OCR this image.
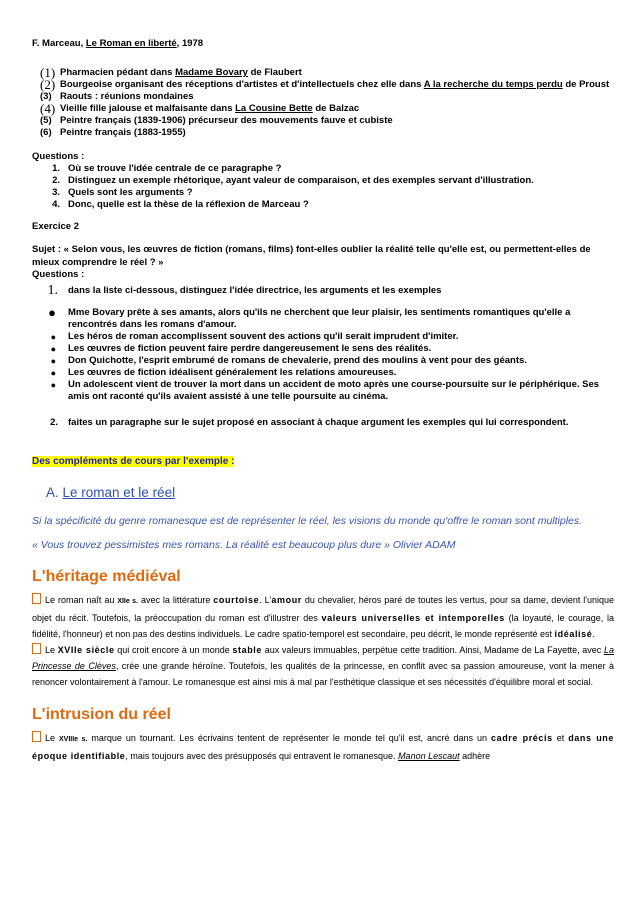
F. Marceau, Le Roman en liberté, 1978
(1) Pharmacien pédant dans Madame Bovary de Flaubert
(2) Bourgeoise organisant des réceptions d'artistes et d'intellectuels chez elle dans A la recherche du temps perdu de Proust
(3) Raouts : réunions mondaines
(4) Vieille fille jalouse et malfaisante dans La Cousine Bette de Balzac
(5) Peintre français (1839-1906) précurseur des mouvements fauve et cubiste
(6) Peintre français (1883-1955)
Questions :
1. Où se trouve l'idée centrale de ce paragraphe ?
2. Distinguez un exemple rhétorique, ayant valeur de comparaison, et des exemples servant d'illustration.
3. Quels sont les arguments ?
4. Donc, quelle est la thèse de la réflexion de Marceau ?
Exercice 2
Sujet : « Selon vous, les œuvres de fiction (romans, films) font-elles oublier la réalité telle qu'elle est, ou permettent-elles de mieux comprendre le réel ? »
Questions :
1.	dans la liste ci-dessous, distinguez l'idée directrice, les arguments et les exemples
●	Mme Bovary prête à ses amants, alors qu'ils ne cherchent que leur plaisir, les sentiments romantiques qu'elle a rencontrés dans les romans d'amour.
●	Les héros de roman accomplissent souvent des actions qu'il serait imprudent d'imiter.
●	Les œuvres de fiction peuvent faire perdre dangereusement le sens des réalités.
●	Don Quichotte, l'esprit embrumé de romans de chevalerie, prend des moulins à vent pour des géants.
●	Les œuvres de fiction idéalisent généralement les relations amoureuses.
●	Un adolescent vient de trouver la mort dans un accident de moto après une course-poursuite sur le périphérique. Ses amis ont raconté qu'ils avaient assisté à une telle poursuite au cinéma.
2.	faites un paragraphe sur le sujet proposé en associant à chaque argument les exemples qui lui correspondent.
Des compléments de cours par l'exemple :
A. Le roman et le réel
Si la spécificité du genre romanesque est de représenter le réel, les visions du monde qu'offre le roman sont multiples.
« Vous trouvez pessimistes mes romans. La réalité est beaucoup plus dure » Olivier ADAM
L'héritage médiéval
Le roman naît au XIIe s. avec la littérature courtoise. L'amour du chevalier, héros paré de toutes les vertus, pour sa dame, devient l'unique objet du récit. Toutefois, la préoccupation du roman est d'illustrer des valeurs universelles et intemporelles (la loyauté, le courage, la fidélité, l'honneur) et non pas des destins individuels. Le cadre spatio-temporel est secondaire, peu décrit, le monde représenté est idéalisé.
Le XVIIe siècle qui croit encore à un monde stable aux valeurs immuables, perpétue cette tradition. Ainsi, Madame de La Fayette, avec La Princesse de Clèves, crée une grande héroïne. Toutefois, les qualités de la princesse, en conflit avec sa passion amoureuse, vont la mener à renoncer volontairement à l'amour. Le romanesque est ainsi mis à mal par l'esthétique classique et ses nécessités d'équilibre moral et social.
L'intrusion du réel
Le XVIIIe s. marque un tournant. Les écrivains tentent de représenter le monde tel qu'il est, ancré dans un cadre précis et dans une époque identifiable, mais toujours avec des présupposés qui entravent le romanesque. Manon Lescaut adhère
